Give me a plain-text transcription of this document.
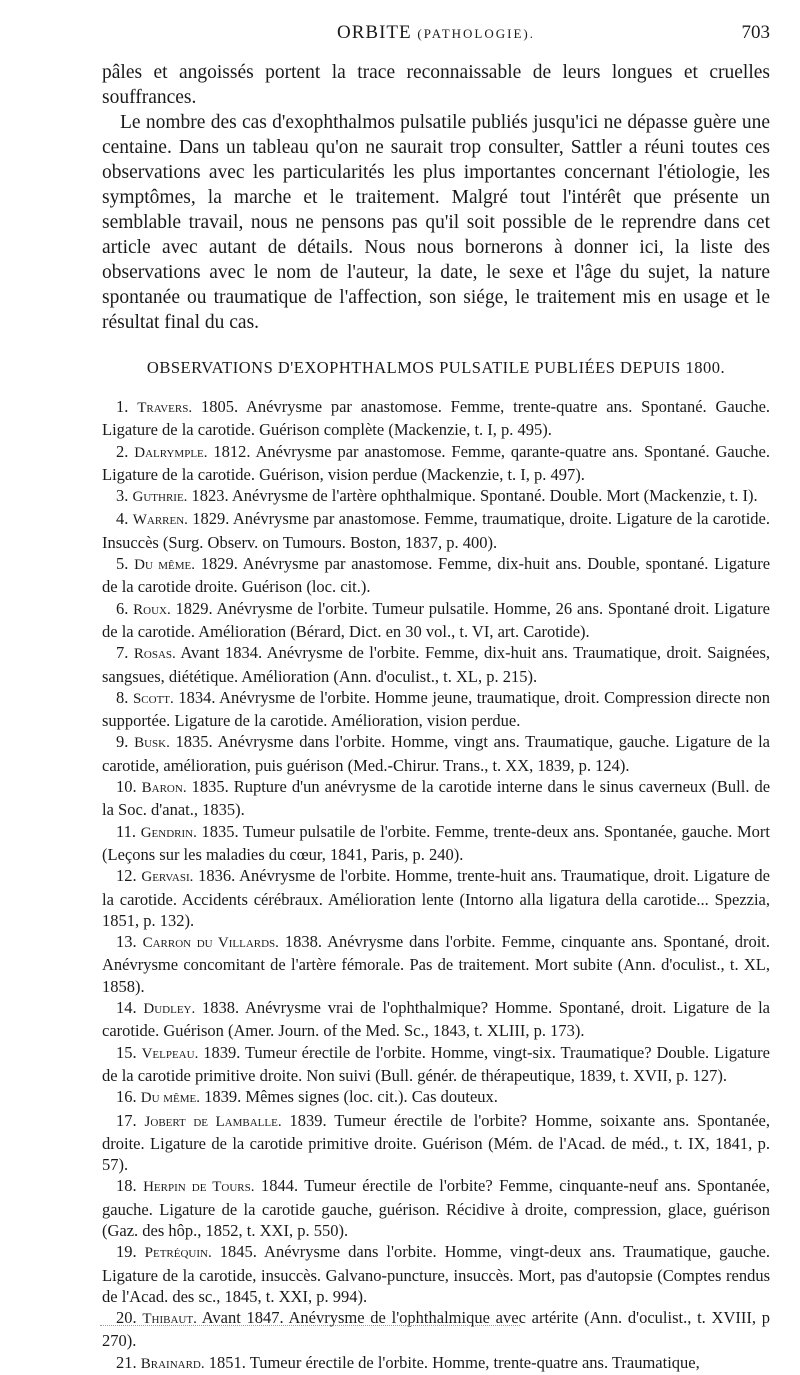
ORBITE (PATHOLOGIE).	703

pâles et angoissés portent la trace reconnaissable de leurs longues et cruelles souffrances.

Le nombre des cas d'exophthalmos pulsatile publiés jusqu'ici ne dépasse guère une centaine. Dans un tableau qu'on ne saurait trop consulter, Sattler a réuni toutes ces observations avec les particularités les plus importantes concernant l'étiologie, les symptômes, la marche et le traitement. Malgré tout l'intérêt que présente un semblable travail, nous ne pensons pas qu'il soit possible de le reprendre dans cet article avec autant de détails. Nous nous bornerons à donner ici, la liste des observations avec le nom de l'auteur, la date, le sexe et l'âge du sujet, la nature spontanée ou traumatique de l'affection, son siége, le traitement mis en usage et le résultat final du cas.

OBSERVATIONS D'EXOPHTHALMOS PULSATILE PUBLIÉES DEPUIS 1800.

1. Travers. 1805. Anévrysme par anastomose. Femme, trente-quatre ans. Spontané. Gauche. Ligature de la carotide. Guérison complète (Mackenzie, t. I, p. 495).

2. Dalrymple. 1812. Anévrysme par anastomose. Femme, qarante-quatre ans. Spontané. Gauche. Ligature de la carotide. Guérison, vision perdue (Mackenzie, t. I, p. 497).

3. Guthrie. 1823. Anévrysme de l'artère ophthalmique. Spontané. Double. Mort (Mackenzie, t. I).

4. Warren. 1829. Anévrysme par anastomose. Femme, traumatique, droite. Ligature de la carotide. Insuccès (Surg. Observ. on Tumours. Boston, 1837, p. 400).

5. Du même. 1829. Anévrysme par anastomose. Femme, dix-huit ans. Double, spontané. Ligature de la carotide droite. Guérison (loc. cit.).

6. Roux. 1829. Anévrysme de l'orbite. Tumeur pulsatile. Homme, 26 ans. Spontané droit. Ligature de la carotide. Amélioration (Bérard, Dict. en 30 vol., t. VI, art. Carotide).

7. Rosas. Avant 1834. Anévrysme de l'orbite. Femme, dix-huit ans. Traumatique, droit. Saignées, sangsues, diététique. Amélioration (Ann. d'oculist., t. XL, p. 215).

8. Scott. 1834. Anévrysme de l'orbite. Homme jeune, traumatique, droit. Compression directe non supportée. Ligature de la carotide. Amélioration, vision perdue.

9. Busk. 1835. Anévrysme dans l'orbite. Homme, vingt ans. Traumatique, gauche. Ligature de la carotide, amélioration, puis guérison (Med.-Chirur. Trans., t. XX, 1839, p. 124).

10. Baron. 1835. Rupture d'un anévrysme de la carotide interne dans le sinus caverneux (Bull. de la Soc. d'anat., 1835).

11. Gendrin. 1835. Tumeur pulsatile de l'orbite. Femme, trente-deux ans. Spontanée, gauche. Mort (Leçons sur les maladies du cœur, 1841, Paris, p. 240).

12. Gervasi. 1836. Anévrysme de l'orbite. Homme, trente-huit ans. Traumatique, droit. Ligature de la carotide. Accidents cérébraux. Amélioration lente (Intorno alla ligatura della carotide... Spezzia, 1851, p. 132).

13. Carron du Villards. 1838. Anévrysme dans l'orbite. Femme, cinquante ans. Spontané, droit. Anévrysme concomitant de l'artère fémorale. Pas de traitement. Mort subite (Ann. d'oculist., t. XL, 1858).

14. Dudley. 1838. Anévrysme vrai de l'ophthalmique? Homme. Spontané, droit. Ligature de la carotide. Guérison (Amer. Journ. of the Med. Sc., 1843, t. XLIII, p. 173).

15. Velpeau. 1839. Tumeur érectile de l'orbite. Homme, vingt-six. Traumatique? Double. Ligature de la carotide primitive droite. Non suivi (Bull. génér. de thérapeutique, 1839, t. XVII, p. 127).

16. Du même. 1839. Mêmes signes (loc. cit.). Cas douteux.

17. Jobert de Lamballe. 1839. Tumeur érectile de l'orbite? Homme, soixante ans. Spontanée, droite. Ligature de la carotide primitive droite. Guérison (Mém. de l'Acad. de méd., t. IX, 1841, p. 57).

18. Herpin de Tours. 1844. Tumeur érectile de l'orbite? Femme, cinquante-neuf ans. Spontanée, gauche. Ligature de la carotide gauche, guérison. Récidive à droite, compression, glace, guérison (Gaz. des hôp., 1852, t. XXI, p. 550).

19. Petréquin. 1845. Anévrysme dans l'orbite. Homme, vingt-deux ans. Traumatique, gauche. Ligature de la carotide, insuccès. Galvano-puncture, insuccès. Mort, pas d'autopsie (Comptes rendus de l'Acad. des sc., 1845, t. XXI, p. 994).

20. Thibaut. Avant 1847. Anévrysme de l'ophthalmique avec artérite (Ann. d'oculist., t. XVIII, p 270).

21. Brainard. 1851. Tumeur érectile de l'orbite. Homme, trente-quatre ans. Traumatique,
